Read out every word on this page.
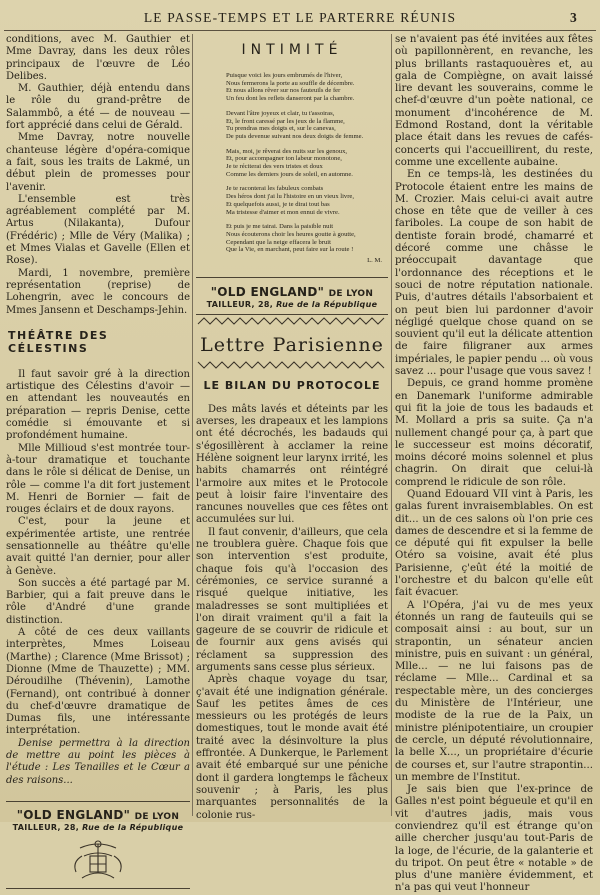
LE PASSE-TEMPS ET LE PARTERRE RÉUNIS	3

conditions, avec M. Gauthier et Mme Davray, dans les deux rôles principaux de l'œuvre de Léo Delibes.

M. Gauthier, déjà entendu dans le rôle du grand-prêtre de Salammbô, a été — de nouveau — fort apprécié dans celui de Gérald.

Mme Davray, notre nouvelle chanteuse légère d'opéra-comique a fait, sous les traits de Lakmé, un début plein de promesses pour l'avenir.

L'ensemble est très agréablement complété par M. Artus (Nilakanta), Dufour (Frédéric) ; Mlle de Véry (Malika) ; et Mmes Vialas et Gavelle (Ellen et Rose).

Mardi, 1 novembre, première représentation (reprise) de Lohengrin, avec le concours de Mmes Jansenn et Deschamps-Jehin.

THÉÂTRE DES CÉLESTINS

Il faut savoir gré à la direction artistique des Célestins d'avoir — en attendant les nouveautés en préparation — repris Denise, cette comédie si émouvante et si profondément humaine.

Mlle Millioud s'est montrée tour-à-tour dramatique et touchante dans le rôle si délicat de Denise, un rôle — comme l'a dit fort justement M. Henri de Bornier — fait de rouges éclairs et de doux rayons.

C'est, pour la jeune et expérimentée artiste, une rentrée sensationnelle au théâtre qu'elle avait quitté l'an dernier, pour aller à Genève.

Son succès a été partagé par M. Barbier, qui a fait preuve dans le rôle d'André d'une grande distinction.

A côté de ces deux vaillants interprètes, Mmes Loiseau (Marthe) ; Clarence (Mme Brissot) ; Dionne (Mme de Thauzette) ; MM. Déroudilhe (Thévenin), Lamothe (Fernand), ont contribué à donner du chef-d'œuvre dramatique de Dumas fils, une intéressante interprétation.

Denise permettra à la direction de mettre au point les pièces à l'étude : Les Tenailles et le Cœur a des raisons...

"OLD ENGLAND" DE LYON
TAILLEUR, 28, Rue de la République
INTIMITÉ
Puisque voici les jours embrumés de l'hiver,
Nous fermerons la porte au souffle de décembre.
Et nous allons rêver sur nos fauteuils de fer
Un feu dont les reflets danseront par la chambre.
Devant l'âtre joyeux et clair, tu t'assoiras,
Et, le front caressé par les jeux de la flamme,
Tu prendras mes doigts et, sur le canevas,
De puis devenue suivant nos deux doigts de femme.
Mais, moi, je rêverai des nuits sur les genoux,
Et, pour accompagner ton labeur monotone,
Je te réciterai des vers tristes et doux
Comme les derniers jours de soleil, en automne.
Je te raconterai les fabuleux combats
Des héros dont j'ai lu l'histoire en un vieux livre,
Et quelquefois aussi, je te dirai tout bas
Ma tristesse d'aimer et mon ennui de vivre.
Et puis je me tairai. Dans la paisible nuit
Nous écouterons choir les heures goutte à goutte,
Cependant que la neige effacera le bruit
Que la Vie, en marchant, peut faire sur la route !
L. M.
"OLD ENGLAND" DE LYON
TAILLEUR, 28, Rue de la République
Lettre Parisienne
LE BILAN DU PROTOCOLE

Des mâts lavés et déteints par les averses, les drapeaux et les lampions ont été décrochés, les badauds qui s'égosillèrent à acclamer la reine Hélène soignent leur larynx irrité, les habits chamarrés ont réintégré l'armoire aux mites et le Protocole peut à loisir faire l'inventaire des rancunes nouvelles que ces fêtes ont accumulées sur lui.

Il faut convenir, d'ailleurs, que cela ne troublera guère. Chaque fois que son intervention s'est produite, chaque fois qu'à l'occasion des cérémonies, ce service suranné a risqué quelque initiative, les maladresses se sont multipliées et l'on dirait vraiment qu'il a fait la gageure de se couvrir de ridicule et de fournir aux gens avisés qui réclament sa suppression des arguments sans cesse plus sérieux.

Après chaque voyage du tsar, ç'avait été une indignation générale. Sauf les petites âmes de ces messieurs ou les protégés de leurs domestiques, tout le monde avait été traité avec la désinvolture la plus effrontée. A Dunkerque, le Parlement avait été embarqué sur une péniche dont il gardera longtemps le fâcheux souvenir ; à Paris, les plus marquantes personnalités de la colonie rus-

se n'avaient pas été invitées aux fêtes où papillonnèrent, en revanche, les plus brillants rastaquouères et, au gala de Compiègne, on avait laissé lire devant les souverains, comme le chef-d'œuvre d'un poète national, ce monument d'incohérence de M. Edmond Rostand, dont la véritable place était dans les revues de cafés-concerts qui l'accueillirent, du reste, comme une excellente aubaine.

En ce temps-là, les destinées du Protocole étaient entre les mains de M. Crozier. Mais celui-ci avait autre chose en tête que de veiller à ces fariboles. La coupe de son habit de dentiste forain brodé, chamarré et décoré comme une châsse le préoccupait davantage que l'ordonnance des réceptions et le souci de notre réputation nationale. Puis, d'autres détails l'absorbaient et on peut bien lui pardonner d'avoir négligé quelque chose quand on se souvient qu'il eut la délicate attention de faire filigraner aux armes impériales, le papier pendu ... où vous savez ... pour l'usage que vous savez !

Depuis, ce grand homme promène en Danemark l'uniforme admirable qui fit la joie de tous les badauds et M. Mollard a pris sa suite. Ça n'a nullement changé pour ça, à part que le successeur est moins décoratif, moins décoré moins solennel et plus chagrin. On dirait que celui-là comprend le ridicule de son rôle.

Quand Edouard VII vint à Paris, les galas furent invraisemblables. On est dit... un de ces salons où l'on prie ces dames de descendre et si la femme de ce député qui fit expulser la belle Otéro sa voisine, avait été plus Parisienne, ç'eût été la moitié de l'orchestre et du balcon qu'elle eût fait évacuer.

A l'Opéra, j'ai vu de mes yeux étonnés un rang de fauteuils qui se composait ainsi : au bout, sur un strapontin, un sénateur ancien ministre, puis en suivant : un général, Mlle... — ne lui faisons pas de réclame — Mlle... Cardinal et sa respectable mère, un des concierges du Ministère de l'Intérieur, une modiste de la rue de la Paix, un ministre plénipotentiaire, un croupier de cercle, un député révolutionnaire, la belle X..., un propriétaire d'écurie de courses et, sur l'autre strapontin... un membre de l'Institut.

Je sais bien que l'ex-prince de Galles n'est point bégueule et qu'il en vit d'autres jadis, mais vous conviendrez qu'il est étrange qu'on aille chercher jusqu'au tout-Paris de la loge, de l'écurie, de la galanterie et du tripot. On peut être « notable » de plus d'une manière évidemment, et n'a pas qui veut l'honneur
